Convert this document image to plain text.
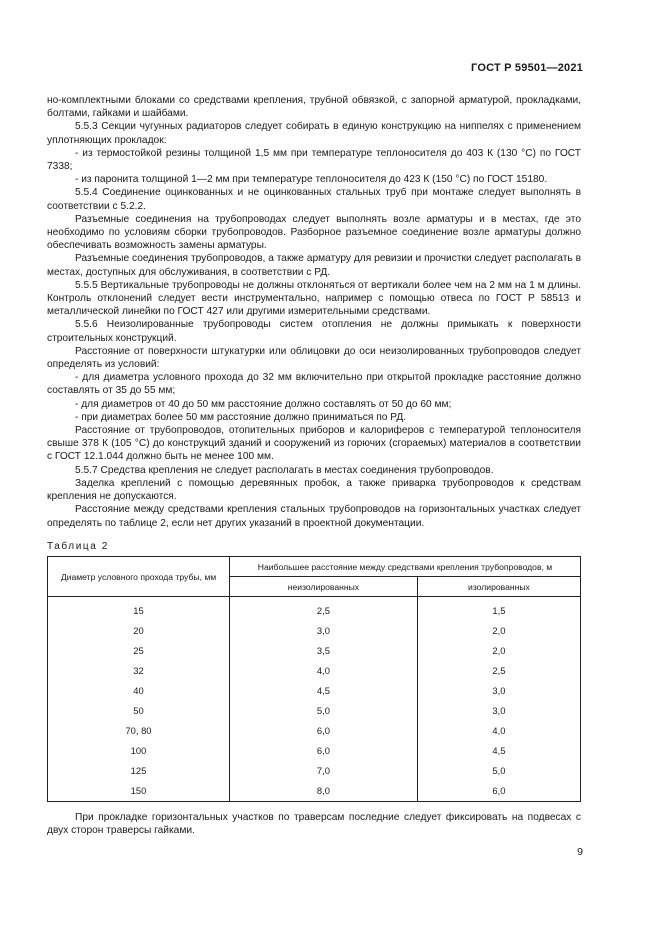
ГОСТ Р 59501—2021

но-комплектными блоками со средствами крепления, трубной обвязкой, с запорной арматурой, прокладками, болтами, гайками и шайбами.

5.5.3 Секции чугунных радиаторов следует собирать в единую конструкцию на ниппелях с применением уплотняющих прокладок:

- из термостойкой резины толщиной 1,5 мм при температуре теплоносителя до 403 К (130 °С) по ГОСТ 7338;

- из паронита толщиной 1—2 мм при температуре теплоносителя до 423 К (150 °С) по ГОСТ 15180.

5.5.4 Соединение оцинкованных и не оцинкованных стальных труб при монтаже следует выполнять в соответствии с 5.2.2.

Разъемные соединения на трубопроводах следует выполнять возле арматуры и в местах, где это необходимо по условиям сборки трубопроводов. Разборное разъемное соединение возле арматуры должно обеспечивать возможность замены арматуры.

Разъемные соединения трубопроводов, а также арматуру для ревизии и прочистки следует располагать в местах, доступных для обслуживания, в соответствии с РД.

5.5.5 Вертикальные трубопроводы не должны отклоняться от вертикали более чем на 2 мм на 1 м длины. Контроль отклонений следует вести инструментально, например с помощью отвеса по ГОСТ Р 58513 и металлической линейки по ГОСТ 427 или другими измерительными средствами.

5.5.6 Неизолированные трубопроводы систем отопления не должны примыкать к поверхности строительных конструкций.

Расстояние от поверхности штукатурки или облицовки до оси неизолированных трубопроводов следует определять из условий:

- для диаметра условного прохода до 32 мм включительно при открытой прокладке расстояние должно составлять от 35 до 55 мм;

- для диаметров от 40 до 50 мм расстояние должно составлять от 50 до 60 мм;

- при диаметрах более 50 мм расстояние должно приниматься по РД.

Расстояние от трубопроводов, отопительных приборов и калориферов с температурой теплоносителя свыше 378 К (105 °С) до конструкций зданий и сооружений из горючих (сгораемых) материалов в соответствии с ГОСТ 12.1.044 должно быть не менее 100 мм.

5.5.7 Средства крепления не следует располагать в местах соединения трубопроводов.

Заделка креплений с помощью деревянных пробок, а также приварка трубопроводов к средствам крепления не допускаются.

Расстояние между средствами крепления стальных трубопроводов на горизонтальных участках следует определять по таблице 2, если нет других указаний в проектной документации.

Таблица 2
Диаметр условного прохода трубы, мм	Наибольшее расстояние между средствами крепления трубопроводов, м	
	неизолированных	изолированных
15	2,5	1,5
20	3,0	2,0
25	3,5	2,0
32	4,0	2,5
40	4,5	3,0
50	5,0	3,0
70, 80	6,0	4,0
100	6,0	4,5
125	7,0	5,0
150	8,0	6,0

При прокладке горизонтальных участков по траверсам последние следует фиксировать на подвесах с двух сторон траверсы гайками.

9
